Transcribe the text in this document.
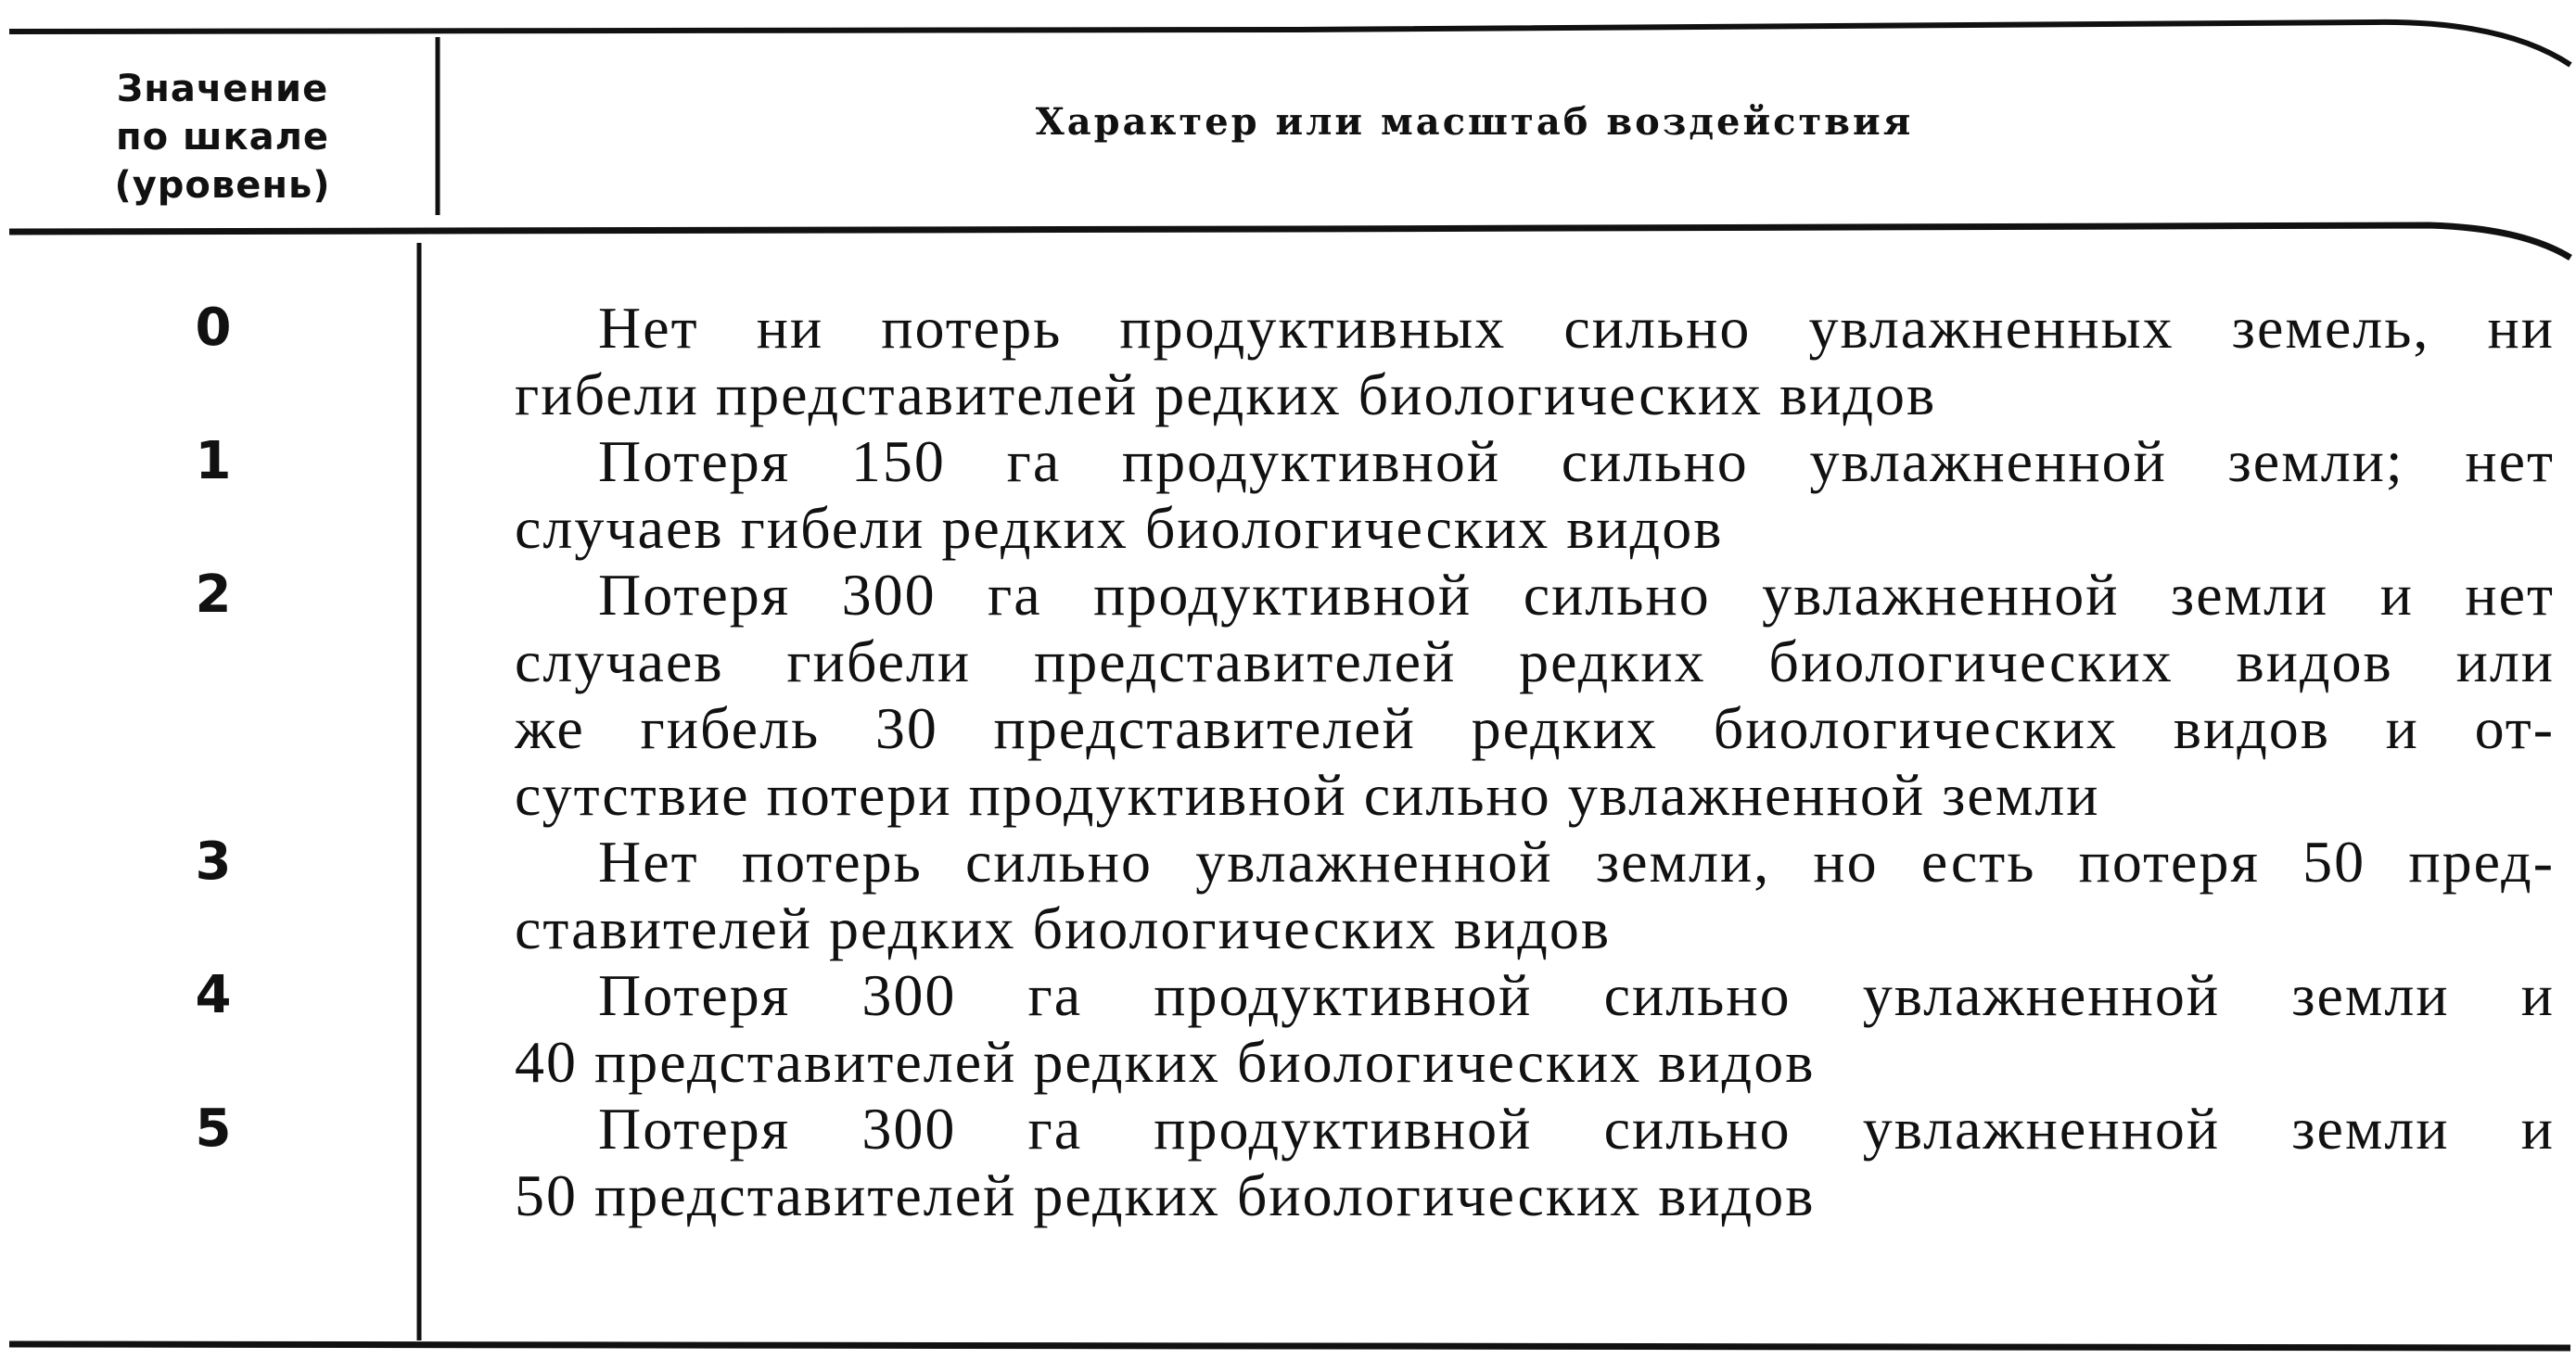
Значение
по шкале
(уровень)
Характер или масштаб воздействия
0	Нет ни потерь продуктивных сильно увлажненных земель, ни
гибели представителей редких биологических видов
1	Потеря 150 га продуктивной сильно увлажненной земли; нет
случаев гибели редких биологических видов
2	Потеря 300 га продуктивной сильно увлажненной земли и нет
случаев гибели представителей редких биологических видов или
же гибель 30 представителей редких биологических видов и от-
сутствие потери продуктивной сильно увлажненной земли
3	Нет потерь сильно увлажненной земли, но есть потеря 50 пред-
ставителей редких биологических видов
4	Потеря 300 га продуктивной сильно увлажненной земли и
40 представителей редких биологических видов
5	Потеря 300 га продуктивной сильно увлажненной земли и
50 представителей редких биологических видов
